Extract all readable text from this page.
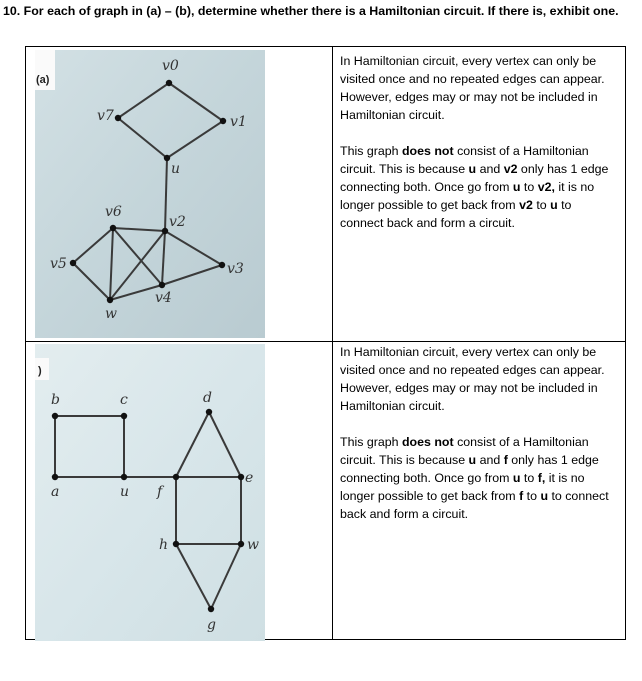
10. For each of graph in (a) – (b), determine whether there is a Hamiltonian circuit. If there is, exhibit one.
(a)
v0
v7	v1
u
v6
v2
v5	v3
v4
w

In Hamiltonian circuit, every vertex can only be visited once and no repeated edges can appear.

However, edges may or may not be included in Hamiltonian circuit.

This graph does not consist of a Hamiltonian circuit. This is because u and v2 only has 1 edge connecting both. Once go from u to v2, it is no longer possible to get back from v2 to u to connect back and form a circuit.

)
b	c	d
a	u f
e
h	w
g

In Hamiltonian circuit, every vertex can only be visited once and no repeated edges can appear.

However, edges may or may not be included in Hamiltonian circuit.

This graph does not consist of a Hamiltonian circuit. This is because u and f only has 1 edge connecting both. Once go from u to f, it is no longer possible to get back from f to u to connect back and form a circuit.
